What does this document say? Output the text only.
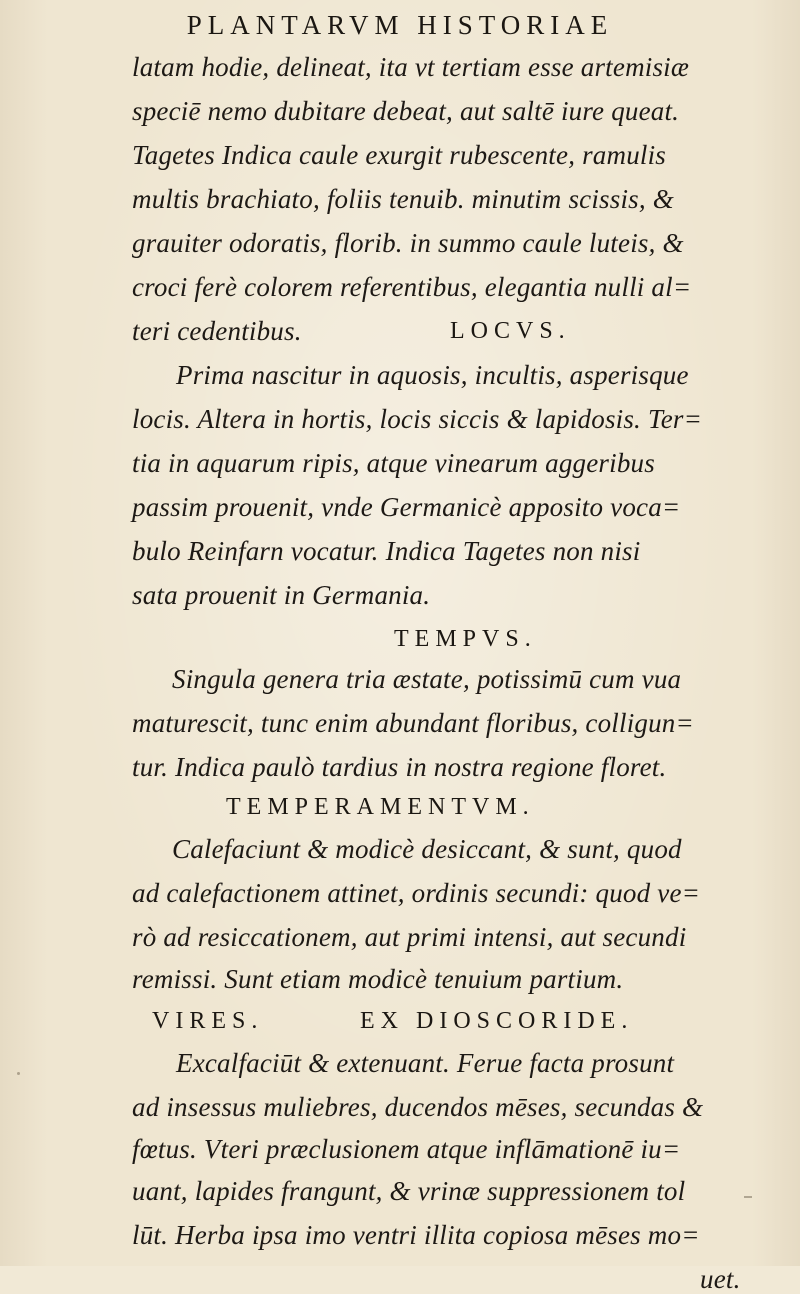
PLANTARVM HISTORIAE
latam hodie, delineat, ita vt tertiam esse artemisiæ
speciē nemo dubitare debeat, aut saltē iure queat.
Tagetes Indica caule exurgit rubescente, ramulis
multis brachiato, foliis tenuib. minutim scissis, &
grauiter odoratis, florib. in summo caule luteis, &
croci ferè colorem referentibus, elegantia nulli al=
teri cedentibus.	LOCVS.
Prima nascitur in aquosis, incultis, asperisque
locis. Altera in hortis, locis siccis & lapidosis. Ter=
tia in aquarum ripis, atque vinearum aggeribus
passim prouenit, vnde Germanicè apposito voca=
bulo Reinfarn vocatur. Indica Tagetes non nisi
sata prouenit in Germania.
TEMPVS.
Singula genera tria æstate, potissimū cum vua
maturescit, tunc enim abundant floribus, colligun=
tur. Indica paulò tardius in nostra regione floret.
TEMPERAMENTVM.
Calefaciunt & modicè desiccant, & sunt, quod
ad calefactionem attinet, ordinis secundi: quod ve=
rò ad resiccationem, aut primi intensi, aut secundi
remissi. Sunt etiam modicè tenuium partium.
VIRES.	EX DIOSCORIDE.
Excalfaciūt & extenuant. Ferue facta prosunt
ad insessus muliebres, ducendos mēses, secundas &
fœtus. Vteri præclusionem atque inflāmationē iu=
uant, lapides frangunt, & vrinæ suppressionem tol
lūt. Herba ipsa imo ventri illita copiosa mēses mo=
uet.
